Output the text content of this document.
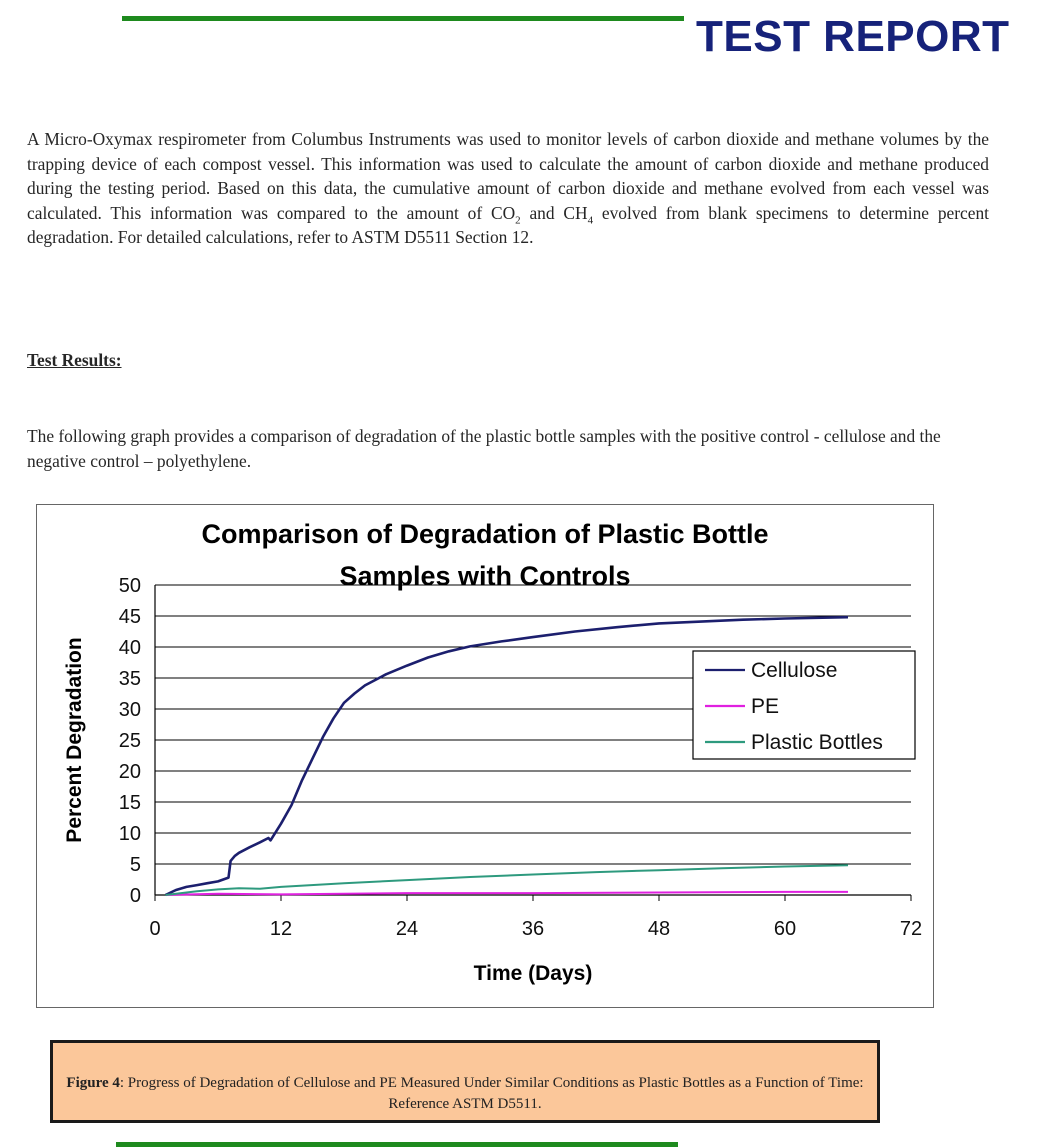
TEST REPORT
A Micro-Oxymax respirometer from Columbus Instruments was used to monitor levels of carbon dioxide and methane volumes by the trapping device of each compost vessel. This information was used to calculate the amount of carbon dioxide and methane produced during the testing period. Based on this data, the cumulative amount of carbon dioxide and methane evolved from each vessel was calculated. This information was compared to the amount of $CO_2$ and $CH_4$ evolved from blank specimens to determine percent degradation. For detailed calculations, refer to ASTM D5511 Section 12.
Test Results:
The following graph provides a comparison of degradation of the plastic bottle samples with the positive control - cellulose and the negative control – polyethylene.
0
5
10
15
20
25
30
35
40
45
50
0	12	24	36	48	60	72
Comparison of Degradation of Plastic Bottle
Samples with Controls
Time (Days)
Percent Degradation	Cellulose
PE
Plastic Bottles
Figure 4: Progress of Degradation of Cellulose and PE Measured Under Similar Conditions as Plastic Bottles as a Function of Time: Reference ASTM D5511.
